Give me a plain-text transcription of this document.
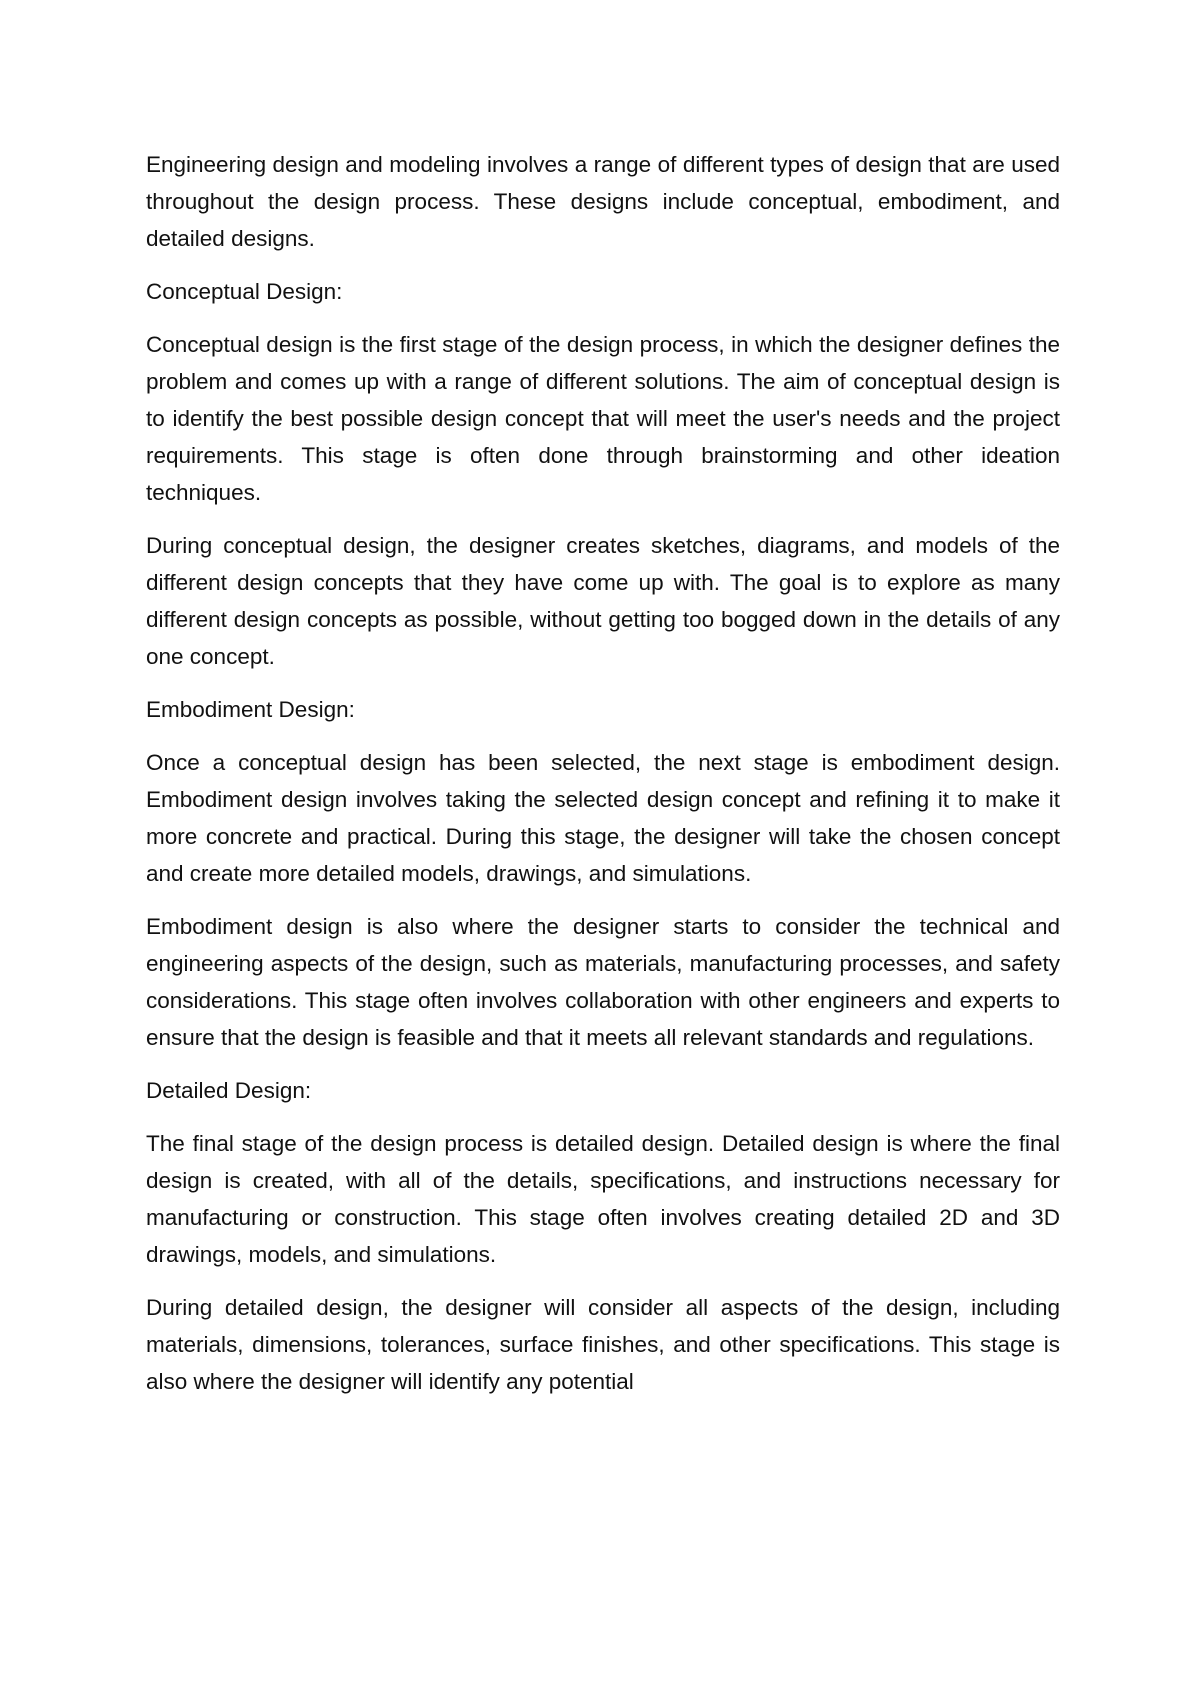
Engineering design and modeling involves a range of different types of design that are used throughout the design process. These designs include conceptual, embodiment, and detailed designs.

Conceptual Design:

Conceptual design is the first stage of the design process, in which the designer defines the problem and comes up with a range of different solutions. The aim of conceptual design is to identify the best possible design concept that will meet the user's needs and the project requirements. This stage is often done through brainstorming and other ideation techniques.

During conceptual design, the designer creates sketches, diagrams, and models of the different design concepts that they have come up with. The goal is to explore as many different design concepts as possible, without getting too bogged down in the details of any one concept.

Embodiment Design:

Once a conceptual design has been selected, the next stage is embodiment design. Embodiment design involves taking the selected design concept and refining it to make it more concrete and practical. During this stage, the designer will take the chosen concept and create more detailed models, drawings, and simulations.

Embodiment design is also where the designer starts to consider the technical and engineering aspects of the design, such as materials, manufacturing processes, and safety considerations. This stage often involves collaboration with other engineers and experts to ensure that the design is feasible and that it meets all relevant standards and regulations.

Detailed Design:

The final stage of the design process is detailed design. Detailed design is where the final design is created, with all of the details, specifications, and instructions necessary for manufacturing or construction. This stage often involves creating detailed 2D and 3D drawings, models, and simulations.

During detailed design, the designer will consider all aspects of the design, including materials, dimensions, tolerances, surface finishes, and other specifications. This stage is also where the designer will identify any potential
